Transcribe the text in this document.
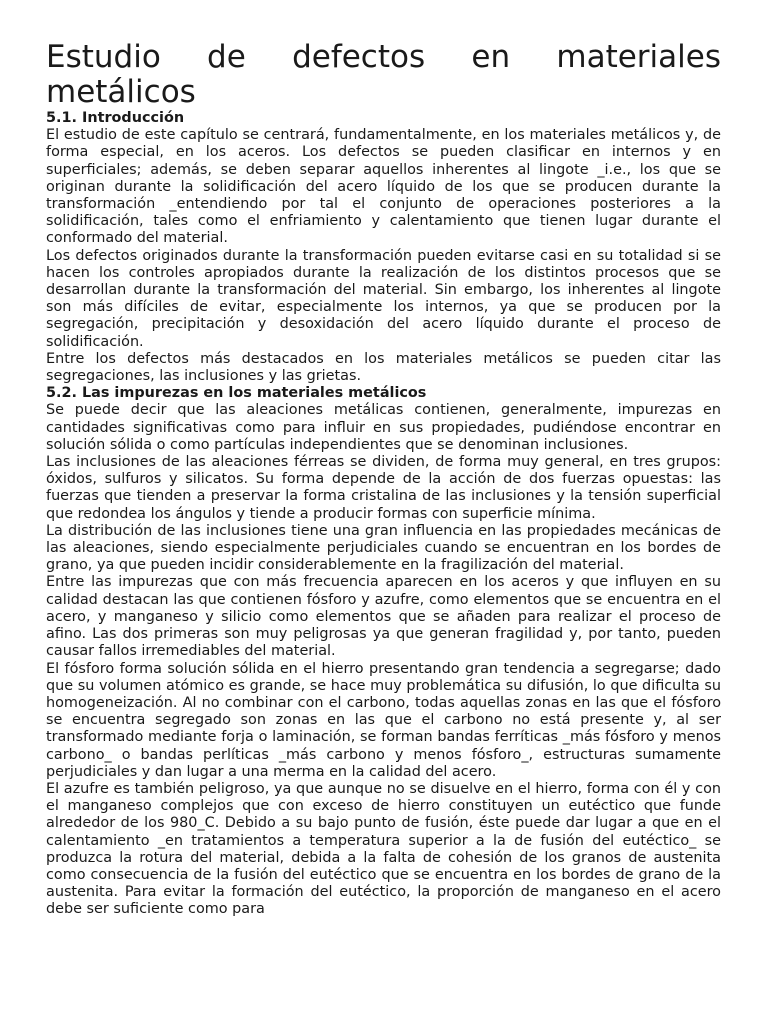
Estudio de defectos en materiales metálicos
5.1. Introducción

El estudio de este capítulo se centrará, fundamentalmente, en los materiales metálicos y, de forma especial, en los aceros. Los defectos se pueden clasificar en internos y en superficiales; además, se deben separar aquellos inherentes al lingote _i.e., los que se originan durante la solidificación del acero líquido de los que se producen durante la transformación _entendiendo por tal el conjunto de operaciones posteriores a la solidificación, tales como el enfriamiento y calentamiento que tienen lugar durante el conformado del material.

Los defectos originados durante la transformación pueden evitarse casi en su totalidad si se hacen los controles apropiados durante la realización de los distintos procesos que se desarrollan durante la transformación del material. Sin embargo, los inherentes al lingote son más difíciles de evitar, especialmente los internos, ya que se producen por la segregación, precipitación y desoxidación del acero líquido durante el proceso de solidificación.

Entre los defectos más destacados en los materiales metálicos se pueden citar las segregaciones, las inclusiones y las grietas.

5.2. Las impurezas en los materiales metálicos

Se puede decir que las aleaciones metálicas contienen, generalmente, impurezas en cantidades significativas como para influir en sus propiedades, pudiéndose encontrar en solución sólida o como partículas independientes que se denominan inclusiones.

Las inclusiones de las aleaciones férreas se dividen, de forma muy general, en tres grupos: óxidos, sulfuros y silicatos. Su forma depende de la acción de dos fuerzas opuestas: las fuerzas que tienden a preservar la forma cristalina de las inclusiones y la tensión superficial que redondea los ángulos y tiende a producir formas con superficie mínima.

La distribución de las inclusiones tiene una gran influencia en las propiedades mecánicas de las aleaciones, siendo especialmente perjudiciales cuando se encuentran en los bordes de grano, ya que pueden incidir considerablemente en la fragilización del material.

Entre las impurezas que con más frecuencia aparecen en los aceros y que influyen en su calidad destacan las que contienen fósforo y azufre, como elementos que se encuentra en el acero, y manganeso y silicio como elementos que se añaden para realizar el proceso de afino. Las dos primeras son muy peligrosas ya que generan fragilidad y, por tanto, pueden causar fallos irremediables del material.

El fósforo forma solución sólida en el hierro presentando gran tendencia a segregarse; dado que su volumen atómico es grande, se hace muy problemática su difusión, lo que dificulta su homogeneización. Al no combinar con el carbono, todas aquellas zonas en las que el fósforo se encuentra segregado son zonas en las que el carbono no está presente y, al ser transformado mediante forja o laminación, se forman bandas ferríticas _más fósforo y menos carbono_ o bandas perlíticas _más carbono y menos fósforo_, estructuras sumamente perjudiciales y dan lugar a una merma en la calidad del acero.

El azufre es también peligroso, ya que aunque no se disuelve en el hierro, forma con él y con el manganeso complejos que con exceso de hierro constituyen un eutéctico que funde alrededor de los 980_C. Debido a su bajo punto de fusión, éste puede dar lugar a que en el calentamiento _en tratamientos a temperatura superior a la de fusión del eutéctico_ se produzca la rotura del material, debida a la falta de cohesión de los granos de austenita como consecuencia de la fusión del eutéctico que se encuentra en los bordes de grano de la austenita. Para evitar la formación del eutéctico, la proporción de manganeso en el acero debe ser suficiente como para
